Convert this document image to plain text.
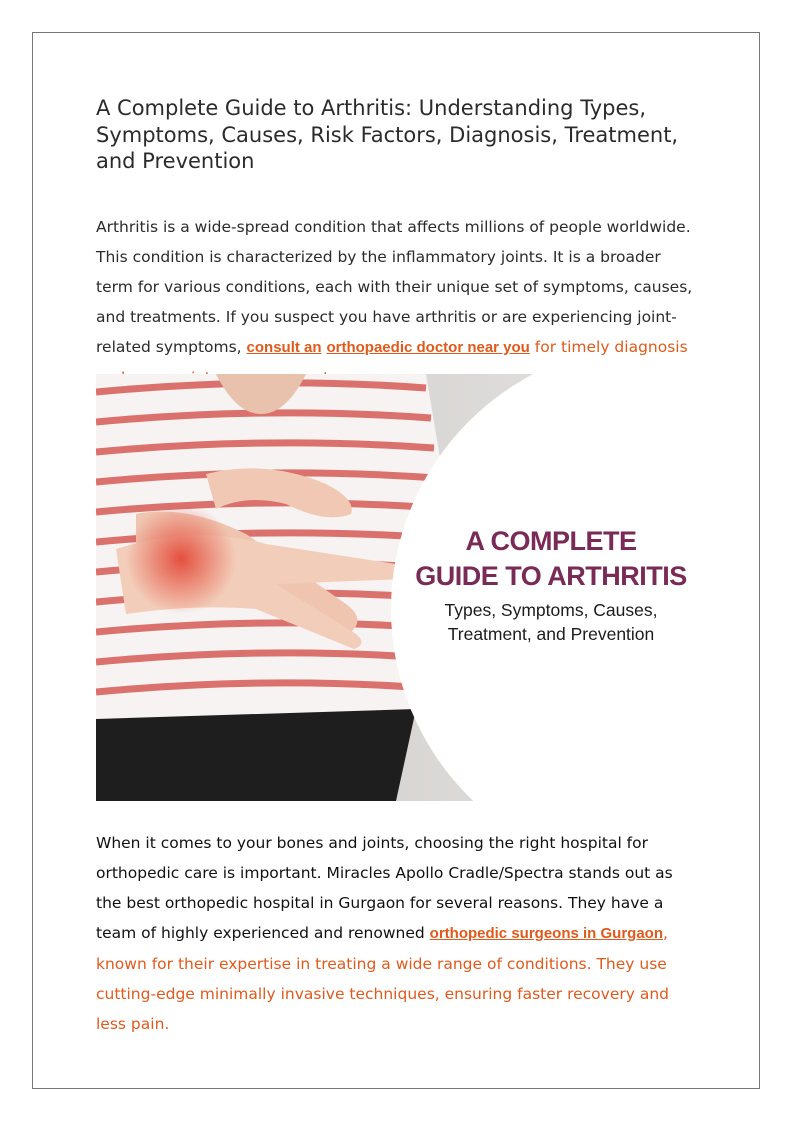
A Complete Guide to Arthritis: Understanding Types, Symptoms, Causes, Risk Factors, Diagnosis, Treatment, and Prevention

Arthritis is a wide-spread condition that affects millions of people worldwide. This condition is characterized by the inflammatory joints. It is a broader term for various conditions, each with their unique set of symptoms, causes, and treatments. If you suspect you have arthritis or are experiencing joint-related symptoms, consult an orthopaedic doctor near you for timely diagnosis

A COMPLETE
GUIDE TO ARTHRITIS
Types, Symptoms, Causes,
Treatment, and Prevention

When it comes to your bones and joints, choosing the right hospital for orthopedic care is important. Miracles Apollo Cradle/Spectra stands out as the best orthopedic hospital in Gurgaon for several reasons. They have a team of highly experienced and renowned orthopedic surgeons in Gurgaon, known for their expertise in treating a wide range of conditions. They use cutting-edge minimally invasive techniques, ensuring faster recovery and less pain.
